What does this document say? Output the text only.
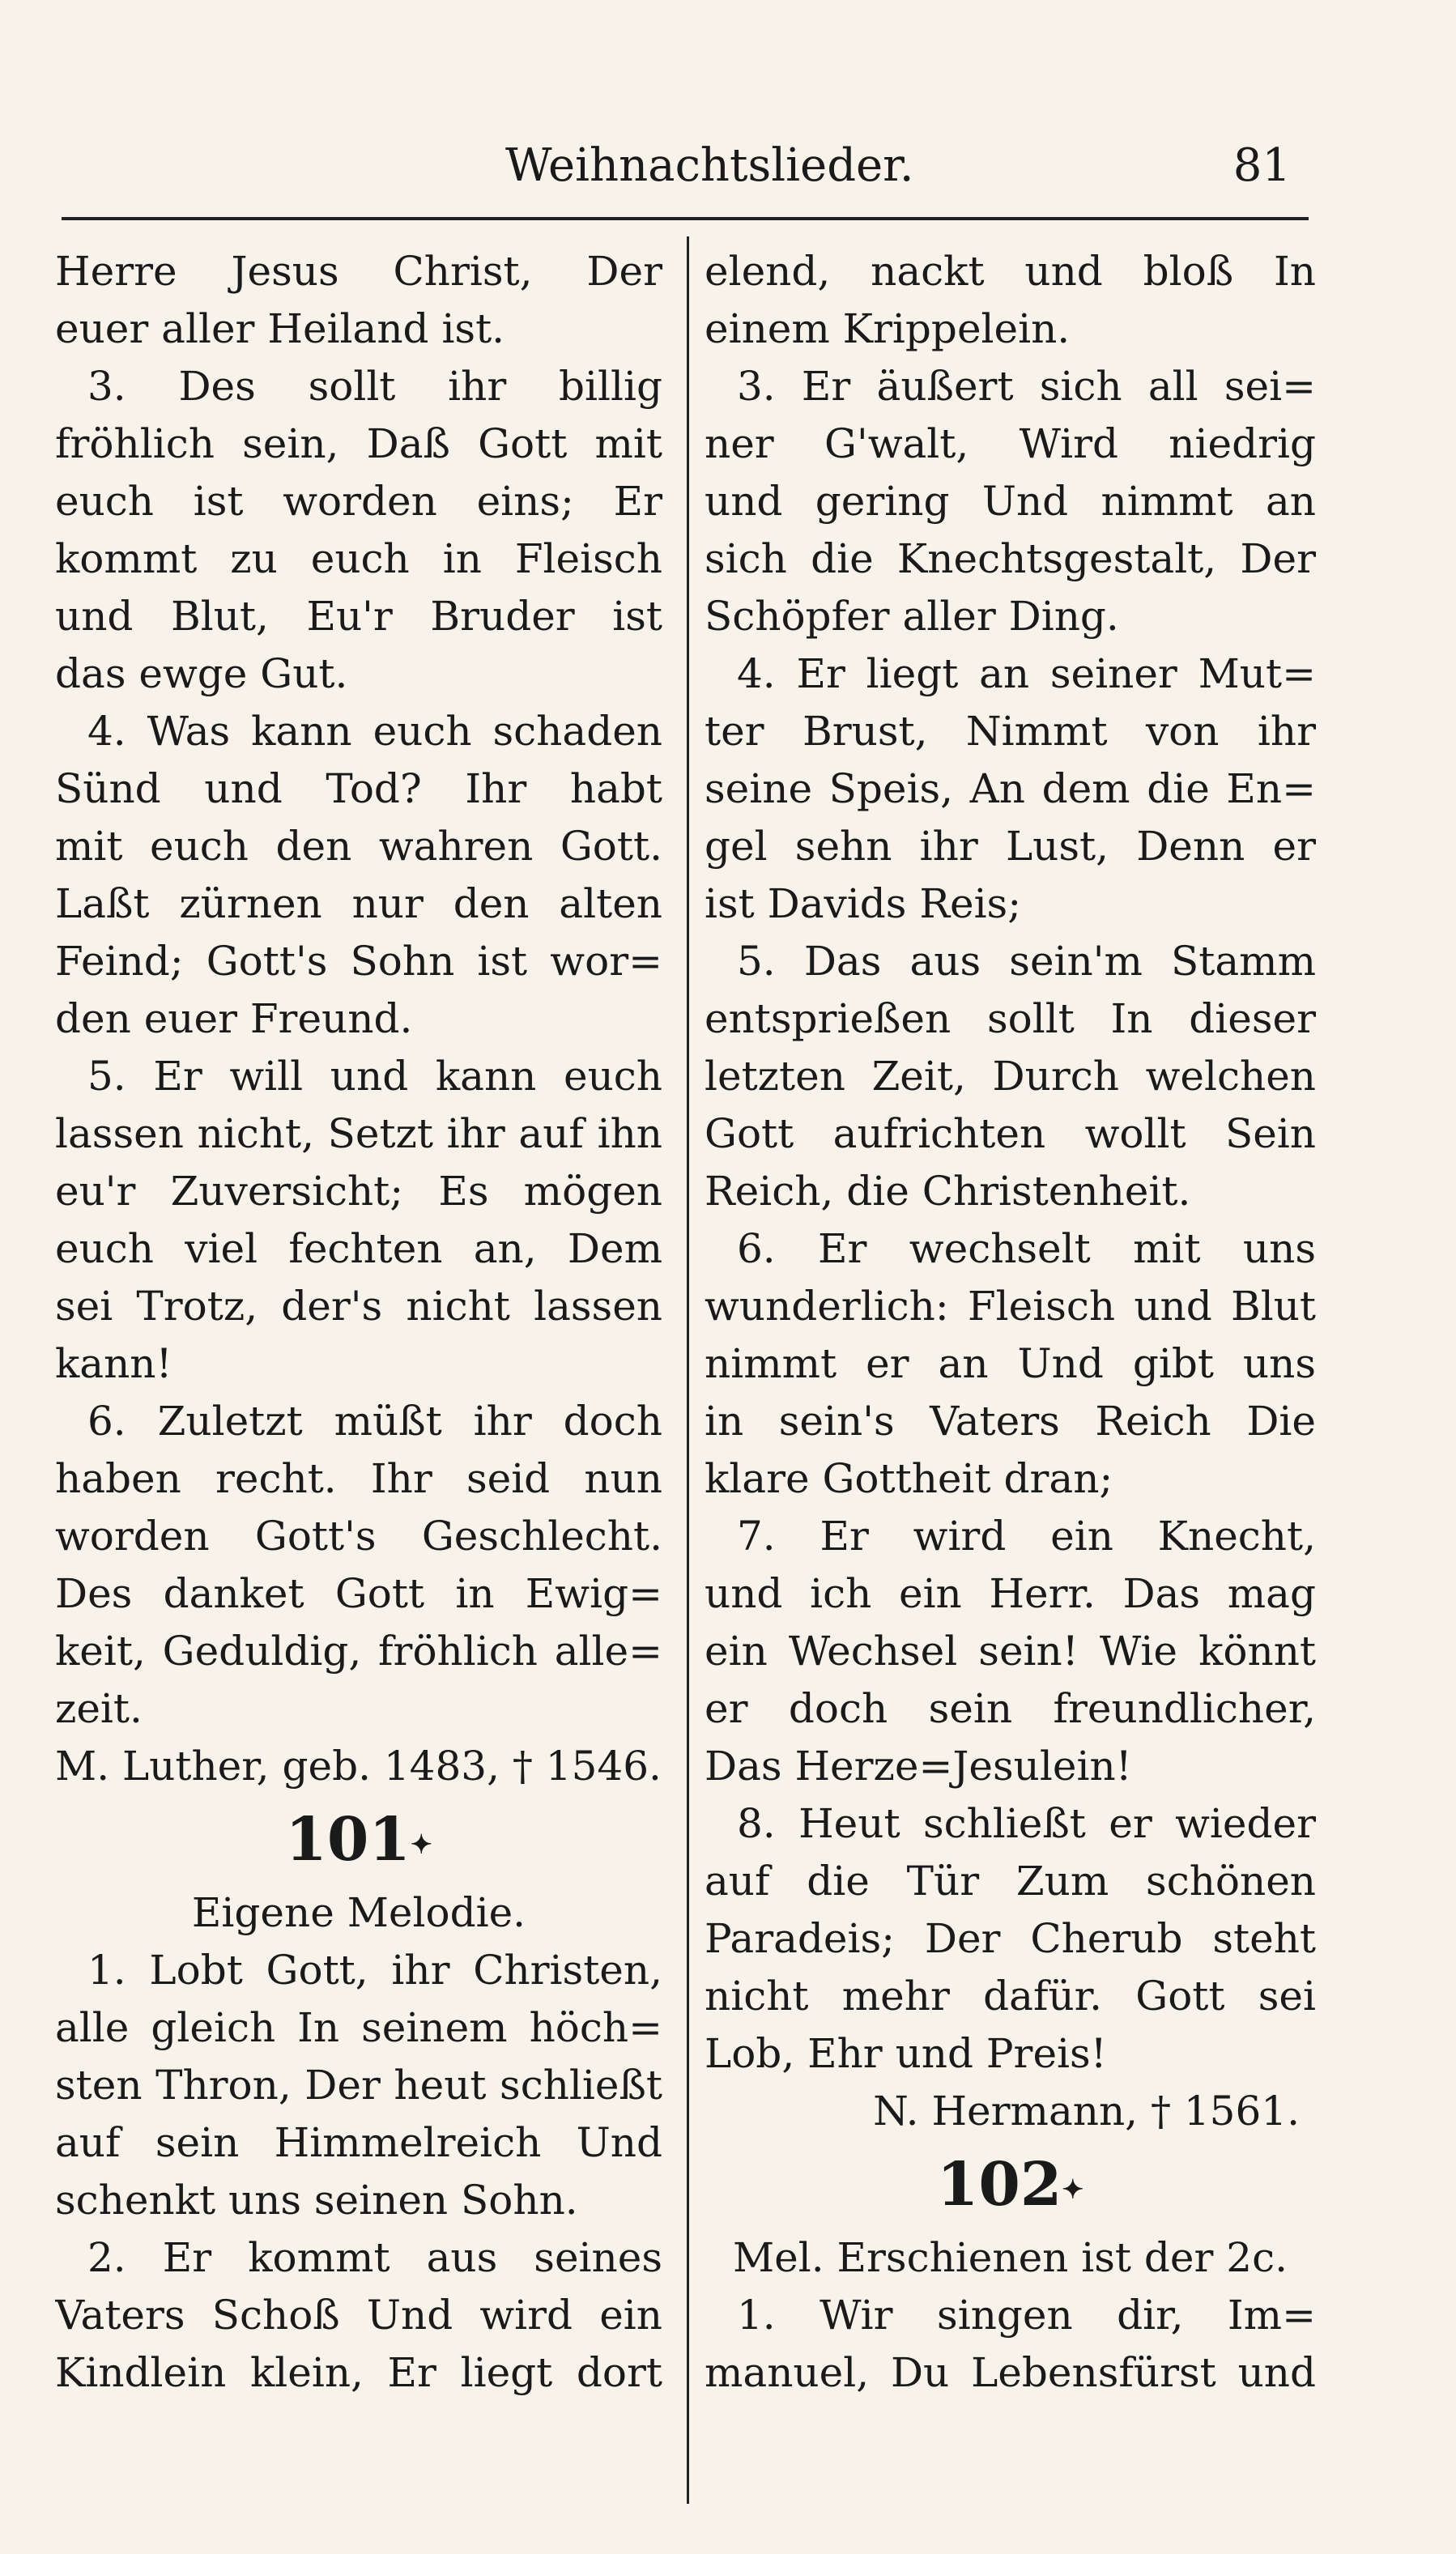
Weihnachtslieder.	81
Herre Jesus Christ, Der
euer aller Heiland ist.
3. Des sollt ihr billig
fröhlich sein, Daß Gott mit
euch ist worden eins; Er
kommt zu euch in Fleisch
und Blut, Eu'r Bruder ist
das ewge Gut.
4. Was kann euch schaden
Sünd und Tod? Ihr habt
mit euch den wahren Gott.
Laßt zürnen nur den alten
Feind; Gott's Sohn ist wor=
den euer Freund.
5. Er will und kann euch
lassen nicht, Setzt ihr auf ihn
eu'r Zuversicht; Es mögen
euch viel fechten an, Dem
sei Trotz, der's nicht lassen
kann!
6. Zuletzt müßt ihr doch
haben recht. Ihr seid nun
worden Gott's Geschlecht.
Des danket Gott in Ewig=
keit, Geduldig, fröhlich alle=
zeit.
M. Luther, geb. 1483, † 1546.
101✦
Eigene Melodie.
1. Lobt Gott, ihr Christen,
alle gleich In seinem höch=
sten Thron, Der heut schließt
auf sein Himmelreich Und
schenkt uns seinen Sohn.
2. Er kommt aus seines
Vaters Schoß Und wird ein
Kindlein klein, Er liegt dort
elend, nackt und bloß In
einem Krippelein.
3. Er äußert sich all sei=
ner G'walt, Wird niedrig
und gering Und nimmt an
sich die Knechtsgestalt, Der
Schöpfer aller Ding.
4. Er liegt an seiner Mut=
ter Brust, Nimmt von ihr
seine Speis, An dem die En=
gel sehn ihr Lust, Denn er
ist Davids Reis;
5. Das aus sein'm Stamm
entsprießen sollt In dieser
letzten Zeit, Durch welchen
Gott aufrichten wollt Sein
Reich, die Christenheit.
6. Er wechselt mit uns
wunderlich: Fleisch und Blut
nimmt er an Und gibt uns
in sein's Vaters Reich Die
klare Gottheit dran;
7. Er wird ein Knecht,
und ich ein Herr. Das mag
ein Wechsel sein! Wie könnt
er doch sein freundlicher,
Das Herze=Jesulein!
8. Heut schließt er wieder
auf die Tür Zum schönen
Paradeis; Der Cherub steht
nicht mehr dafür. Gott sei
Lob, Ehr und Preis!
N. Hermann, † 1561.
102✦
Mel. Erschienen ist der 2c.
1. Wir singen dir, Im=
manuel, Du Lebensfürst und
